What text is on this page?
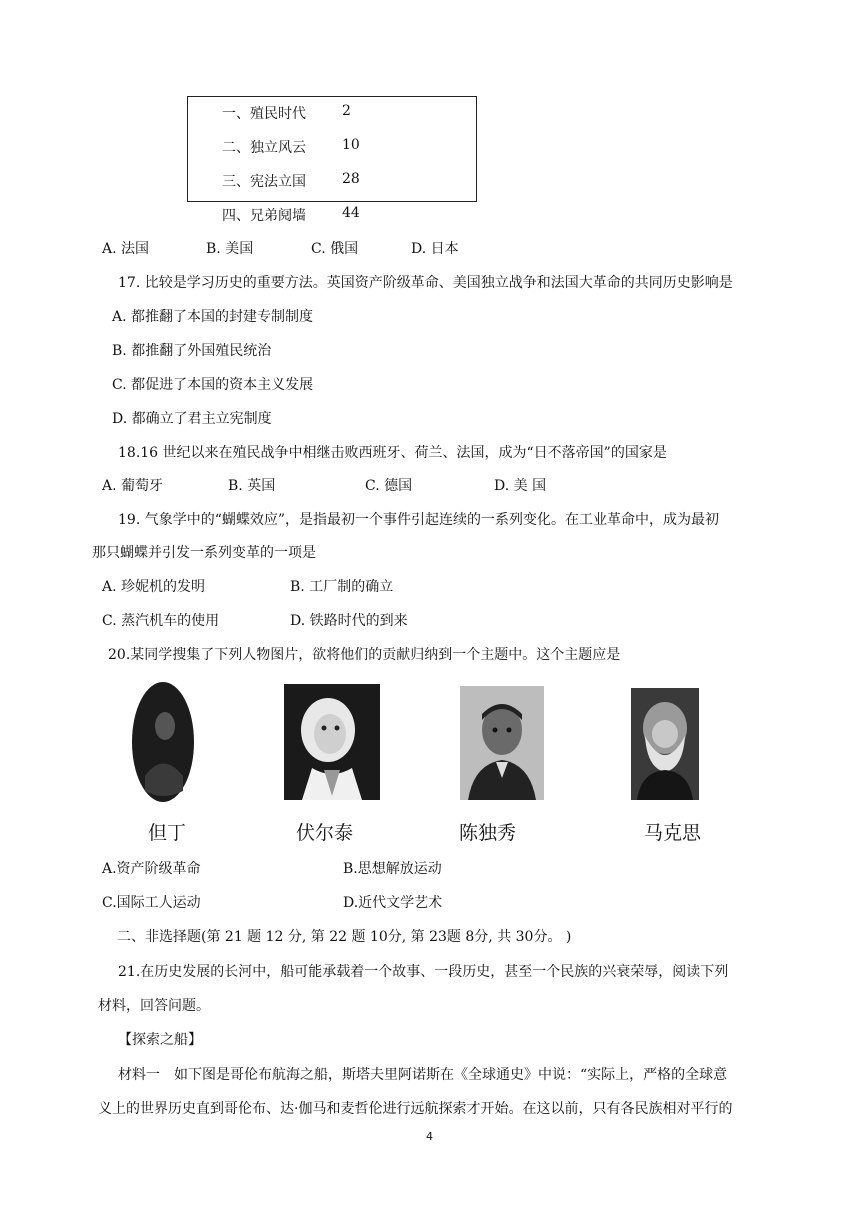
一、殖民时代	2
二、独立风云	10
三、宪法立国	28
四、兄弟阋墙	44
A. 法国	B. 美国	C. 俄国	D. 日本
17. 比较是学习历史的重要方法。英国资产阶级革命、美国独立战争和法国大革命的共同历史影响是
A. 都推翻了本国的封建专制制度
B. 都推翻了外国殖民统治
C. 都促进了本国的资本主义发展
D. 都确立了君主立宪制度
18.16 世纪以来在殖民战争中相继击败西班牙、荷兰、法国，成为“日不落帝国”的国家是
A. 葡萄牙	B. 英国	C. 德国	D. 美 国
19. 气象学中的“蝴蝶效应”，是指最初一个事件引起连续的一系列变化。在工业革命中，成为最初
那只蝴蝶并引发一系列变革的一项是
A. 珍妮机的发明	B. 工厂制的确立
C. 蒸汽机车的使用	D. 铁路时代的到来
20.某同学搜集了下列人物图片，欲将他们的贡献归纳到一个主题中。这个主题应是
但丁	伏尔泰	陈独秀	马克思
A.资产阶级革命	B.思想解放运动
C.国际工人运动	D.近代文学艺术
二、非选择题(第 21 题 12 分, 第 22 题 10分, 第 23题 8分, 共 30分。 )
21.在历史发展的长河中，船可能承载着一个故事、一段历史，甚至一个民族的兴衰荣辱，阅读下列
材料，回答问题。
【探索之船】
材料一　如下图是哥伦布航海之船，斯塔夫里阿诺斯在《全球通史》中说：“实际上，严格的全球意
义上的世界历史直到哥伦布、达·伽马和麦哲伦进行远航探索才开始。在这以前，只有各民族相对平行的
4
